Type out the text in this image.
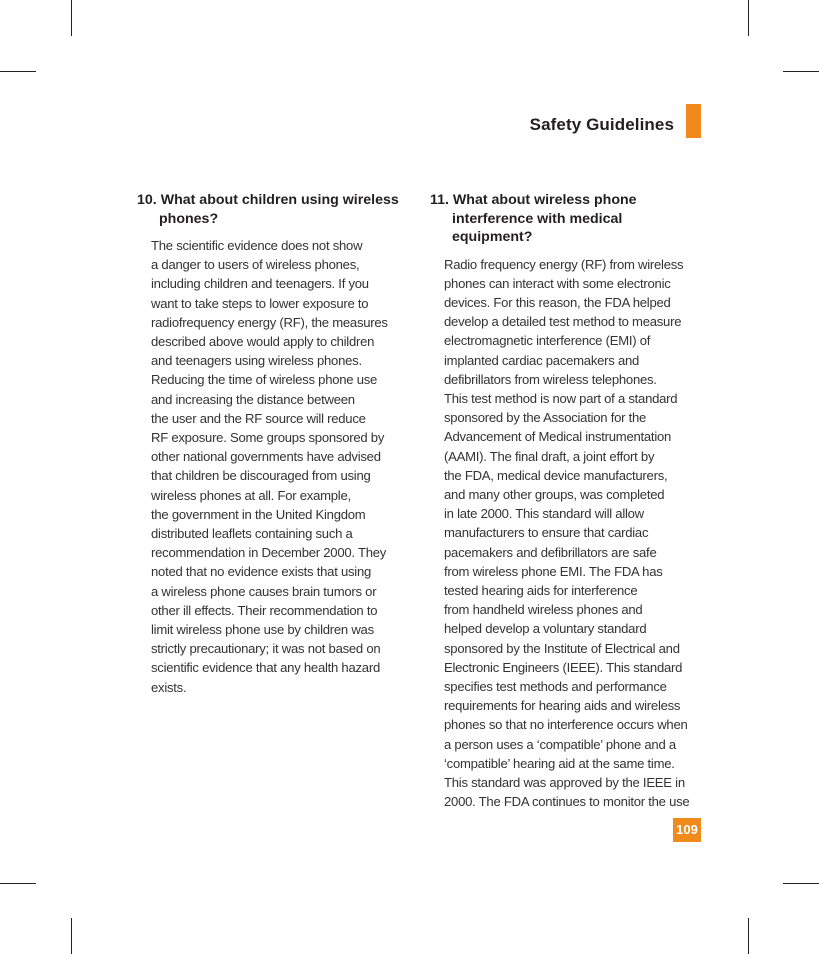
Safety Guidelines
10. What about children using wireless
phones?
The scientific evidence does not show
a danger to users of wireless phones,
including children and teenagers. If you
want to take steps to lower exposure to
radiofrequency energy (RF), the measures
described above would apply to children
and teenagers using wireless phones.
Reducing the time of wireless phone use
and increasing the distance between
the user and the RF source will reduce
RF exposure. Some groups sponsored by
other national governments have advised
that children be discouraged from using
wireless phones at all. For example,
the government in the United Kingdom
distributed leaflets containing such a
recommendation in December 2000. They
noted that no evidence exists that using
a wireless phone causes brain tumors or
other ill effects. Their recommendation to
limit wireless phone use by children was
strictly precautionary; it was not based on
scientific evidence that any health hazard
exists.
11. What about wireless phone
interference with medical equipment?
Radio frequency energy (RF) from wireless
phones can interact with some electronic
devices. For this reason, the FDA helped
develop a detailed test method to measure
electromagnetic interference (EMI) of
implanted cardiac pacemakers and
defibrillators from wireless telephones.
This test method is now part of a standard
sponsored by the Association for the
Advancement of Medical instrumentation
(AAMI). The final draft, a joint effort by
the FDA, medical device manufacturers,
and many other groups, was completed
in late 2000. This standard will allow
manufacturers to ensure that cardiac
pacemakers and defibrillators are safe
from wireless phone EMI. The FDA has
tested hearing aids for interference
from handheld wireless phones and
helped develop a voluntary standard
sponsored by the Institute of Electrical and
Electronic Engineers (IEEE). This standard
specifies test methods and performance
requirements for hearing aids and wireless
phones so that no interference occurs when
a person uses a ‘compatible’ phone and a
‘compatible’ hearing aid at the same time.
This standard was approved by the IEEE in
2000. The FDA continues to monitor the use
109
